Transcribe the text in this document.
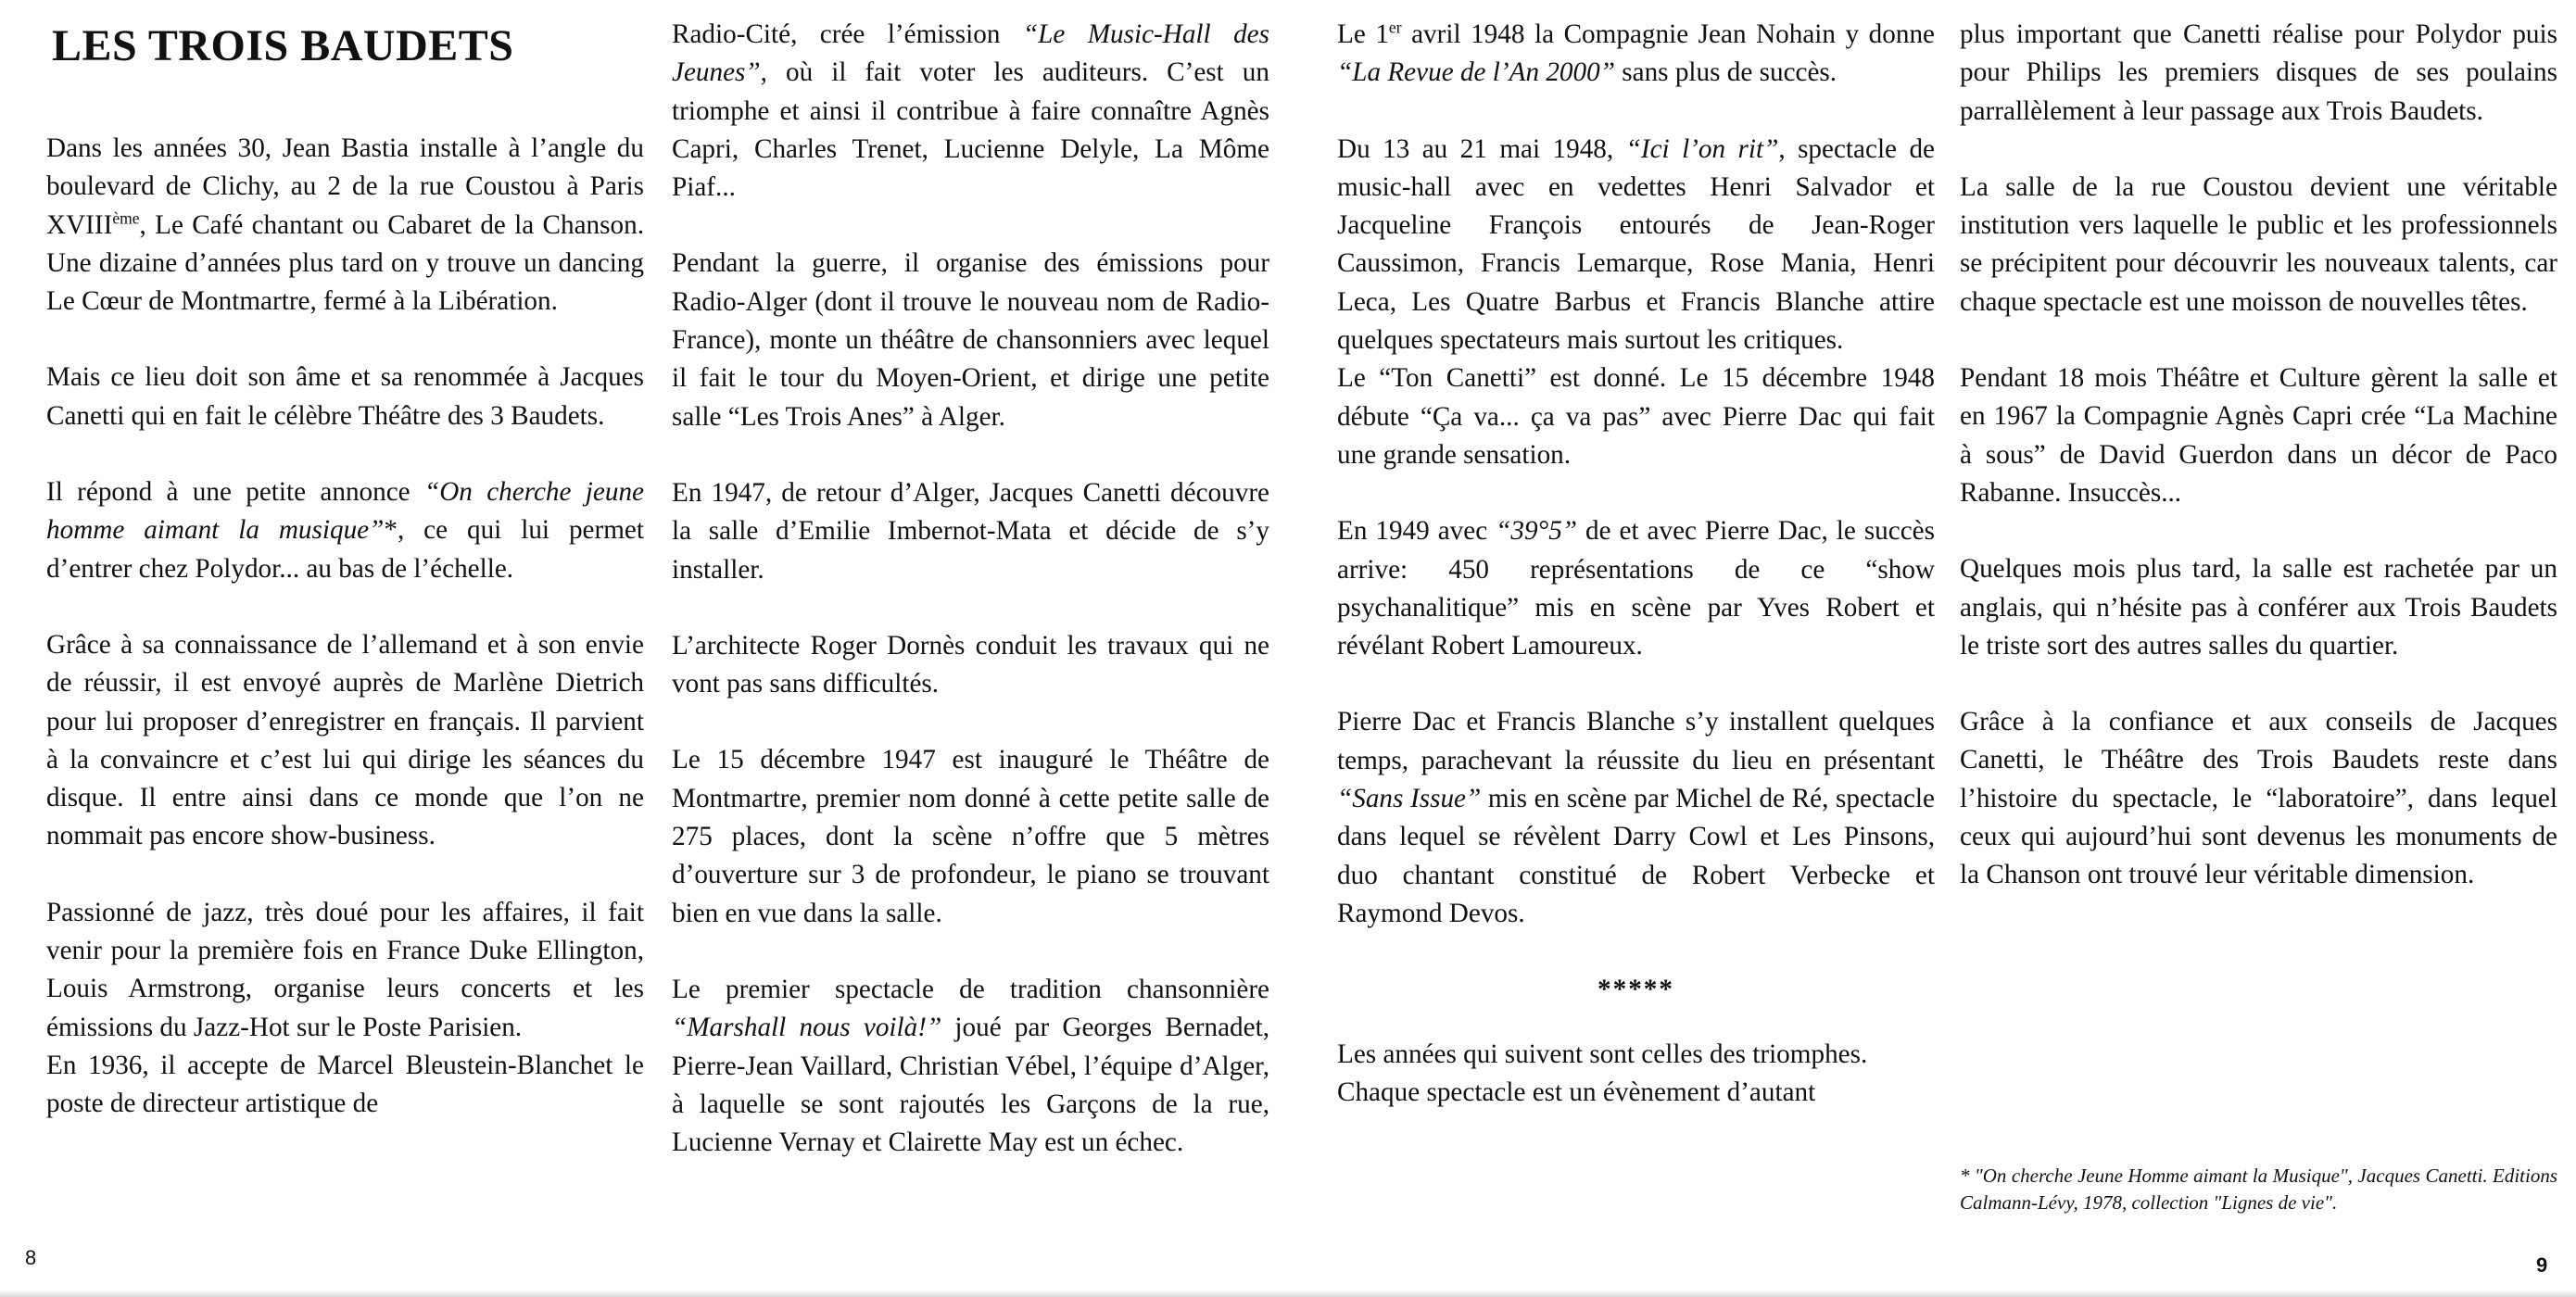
LES TROIS BAUDETS
Dans les années 30, Jean Bastia installe à l’angle du boulevard de Clichy, au 2 de la rue Coustou à Paris XVIIIème, Le Café chantant ou Cabaret de la Chanson. Une dizaine d’années plus tard on y trouve un dancing Le Cœur de Montmartre, fermé à la Libération.
Mais ce lieu doit son âme et sa renommée à Jacques Canetti qui en fait le célèbre Théâtre des 3 Baudets.
Il répond à une petite annonce “On cherche jeune homme aimant la musique”*, ce qui lui permet d’entrer chez Polydor... au bas de l’échelle.
Grâce à sa connaissance de l’allemand et à son envie de réussir, il est envoyé auprès de Marlène Dietrich pour lui proposer d’enregistrer en français. Il parvient à la convaincre et c’est lui qui dirige les séances du disque. Il entre ainsi dans ce monde que l’on ne nommait pas encore show-business.
Passionné de jazz, très doué pour les affaires, il fait venir pour la première fois en France Duke Ellington, Louis Armstrong, organise leurs concerts et les émissions du Jazz-Hot sur le Poste Parisien.
En 1936, il accepte de Marcel Bleustein-Blanchet le poste de directeur artistique de
Radio-Cité, crée l’émission “Le Music-Hall des Jeunes”, où il fait voter les auditeurs. C’est un triomphe et ainsi il contribue à faire connaître Agnès Capri, Charles Trenet, Lucienne Delyle, La Môme Piaf...
Pendant la guerre, il organise des émissions pour Radio-Alger (dont il trouve le nouveau nom de Radio-France), monte un théâtre de chansonniers avec lequel il fait le tour du Moyen-Orient, et dirige une petite salle “Les Trois Anes” à Alger.
En 1947, de retour d’Alger, Jacques Canetti découvre la salle d’Emilie Imbernot-Mata et décide de s’y installer.
L’architecte Roger Dornès conduit les travaux qui ne vont pas sans difficultés.
Le 15 décembre 1947 est inauguré le Théâtre de Montmartre, premier nom donné à cette petite salle de 275 places, dont la scène n’offre que 5 mètres d’ouverture sur 3 de profondeur, le piano se trouvant bien en vue dans la salle.
Le premier spectacle de tradition chansonnière “Marshall nous voilà!” joué par Georges Bernadet, Pierre-Jean Vaillard, Christian Vébel, l’équipe d’Alger, à laquelle se sont rajoutés les Garçons de la rue, Lucienne Vernay et Clairette May est un échec.
Le 1er avril 1948 la Compagnie Jean Nohain y donne “La Revue de l’An 2000” sans plus de succès.
Du 13 au 21 mai 1948, “Ici l’on rit”, spectacle de music-hall avec en vedettes Henri Salvador et Jacqueline François entourés de Jean-Roger Caussimon, Francis Lemarque, Rose Mania, Henri Leca, Les Quatre Barbus et Francis Blanche attire quelques spectateurs mais surtout les critiques.
Le “Ton Canetti” est donné. Le 15 décembre 1948 débute “Ça va... ça va pas” avec Pierre Dac qui fait une grande sensation.
En 1949 avec “39°5” de et avec Pierre Dac, le succès arrive: 450 représentations de ce “show psychanalitique” mis en scène par Yves Robert et révélant Robert Lamoureux.
Pierre Dac et Francis Blanche s’y installent quelques temps, parachevant la réussite du lieu en présentant “Sans Issue” mis en scène par Michel de Ré, spectacle dans lequel se révèlent Darry Cowl et Les Pinsons, duo chantant constitué de Robert Verbecke et Raymond Devos.
*****
Les années qui suivent sont celles des triomphes.
Chaque spectacle est un évènement d’autant
plus important que Canetti réalise pour Polydor puis pour Philips les premiers disques de ses poulains parrallèlement à leur passage aux Trois Baudets.
La salle de la rue Coustou devient une véritable institution vers laquelle le public et les professionnels se précipitent pour découvrir les nouveaux talents, car chaque spectacle est une moisson de nouvelles têtes.
Pendant 18 mois Théâtre et Culture gèrent la salle et en 1967 la Compagnie Agnès Capri crée “La Machine à sous” de David Guerdon dans un décor de Paco Rabanne. Insuccès...
Quelques mois plus tard, la salle est rachetée par un anglais, qui n’hésite pas à conférer aux Trois Baudets le triste sort des autres salles du quartier.
Grâce à la confiance et aux conseils de Jacques Canetti, le Théâtre des Trois Baudets reste dans l’histoire du spectacle, le “laboratoire”, dans lequel ceux qui aujourd’hui sont devenus les monuments de la Chanson ont trouvé leur véritable dimension.
* "On cherche Jeune Homme aimant la Musique", Jacques Canetti. Editions Calmann-Lévy, 1978, collection "Lignes de vie".
8	9
